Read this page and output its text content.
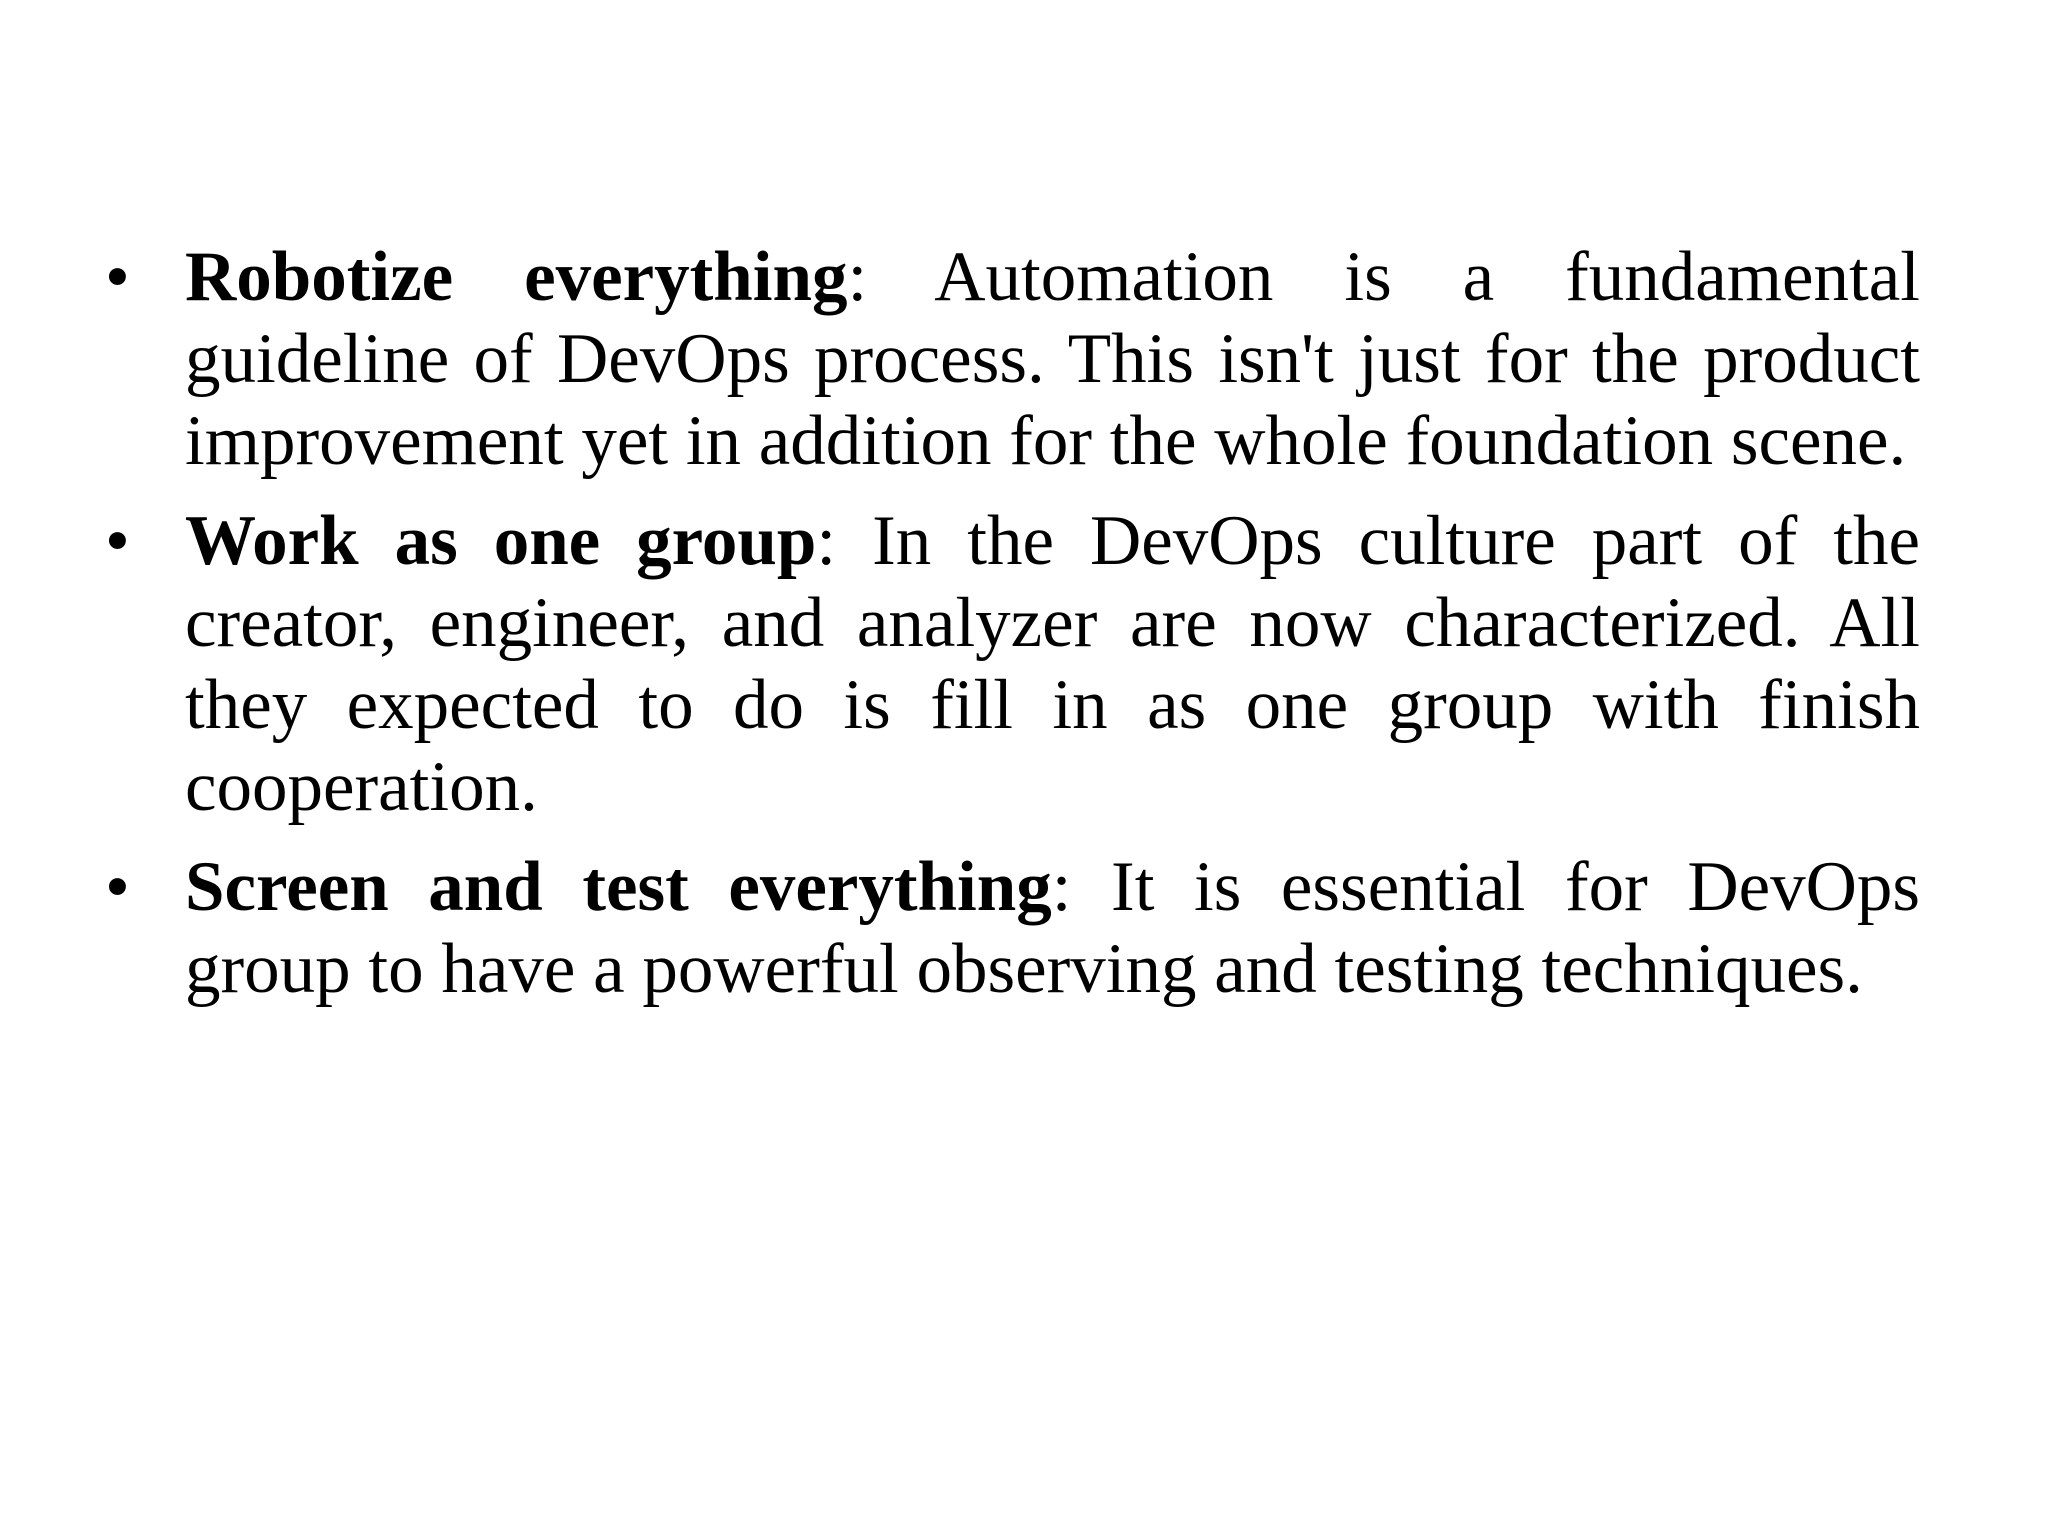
• Robotize everything: Automation is a fundamental guideline of DevOps process. This isn't just for the product improvement yet in addition for the whole foundation scene.
• Work as one group: In the DevOps culture part of the creator, engineer, and analyzer are now characterized. All they expected to do is fill in as one group with finish cooperation.
• Screen and test everything: It is essential for DevOps group to have a powerful observing and testing techniques.
